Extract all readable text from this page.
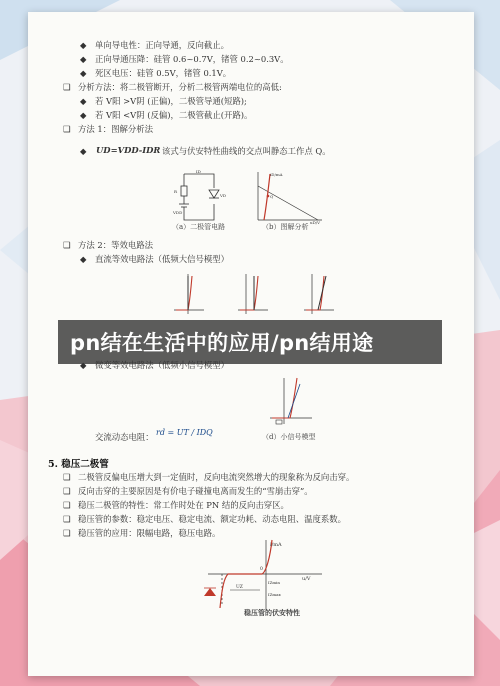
◆ 单向导电性：正向导通，反向截止。
◆ 正向导通压降：硅管 0.6~0.7V，锗管 0.2~0.3V。
◆ 死区电压：硅管 0.5V，锗管 0.1V。
❑ 分析方法：将二极管断开，分析二极管两端电位的高低:
◆ 若 V阳 >V阴 (正偏)，二极管导通(短路);
◆ 若 V阳 <V阴 (反偏)，二极管截止(开路)。
❑ 方法 1：图解分析法
◆ UD=VDD-IDR 该式与伏安特性曲线的交点叫静态工作点 Q。
ID
R
VD
VDD
（a）二极管电路
iD/mA
Q
uD/V
（b）图解分析
❑ 方法 2：等效电路法
◆ 直流等效电路法（低频大信号模型）
pn结在生活中的应用/pn结用途
◆ 微变等效电路法（低频小信号模型）
（d）小信号模型
交流动态电阻： rd = UT / IDQ
5. 稳压二极管
❑ 二极管反偏电压增大到一定值时，反向电流突然增大的现象称为反向击穿。
❑ 反向击穿的主要原因是有价电子碰撞电离而发生的“雪崩击穿”。
❑ 稳压二极管的特性：常工作时处在 PN 结的反向击穿区。
❑ 稳压管的参数：稳定电压、稳定电流、额定功耗、动态电阻、温度系数。
❑ 稳压管的应用：限幅电路，稳压电路。
i/mA
u/V
0
UZ
IZmin
IZmax
稳压管的伏安特性
